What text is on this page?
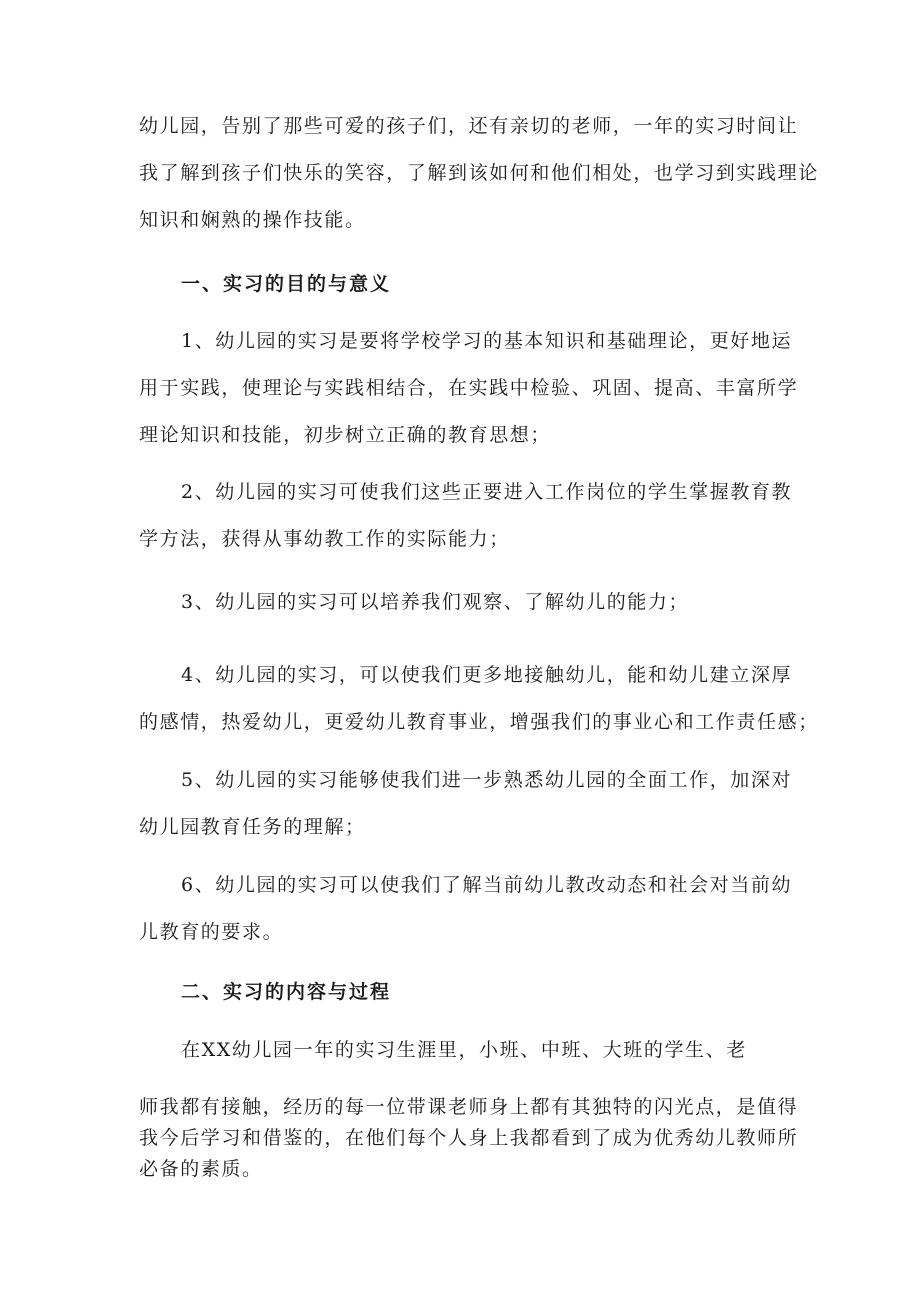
幼儿园，告别了那些可爱的孩子们，还有亲切的老师，一年的实习时间让
我了解到孩子们快乐的笑容，了解到该如何和他们相处，也学习到实践理论
知识和娴熟的操作技能。
一、实习的目的与意义
1、幼儿园的实习是要将学校学习的基本知识和基础理论，更好地运
用于实践，使理论与实践相结合，在实践中检验、巩固、提高、丰富所学
理论知识和技能，初步树立正确的教育思想；
2、幼儿园的实习可使我们这些正要进入工作岗位的学生掌握教育教
学方法，获得从事幼教工作的实际能力；
3、幼儿园的实习可以培养我们观察、了解幼儿的能力；
4、幼儿园的实习，可以使我们更多地接触幼儿，能和幼儿建立深厚
的感情，热爱幼儿，更爱幼儿教育事业，增强我们的事业心和工作责任感；
5、幼儿园的实习能够使我们进一步熟悉幼儿园的全面工作，加深对
幼儿园教育任务的理解；
6、幼儿园的实习可以使我们了解当前幼儿教改动态和社会对当前幼
儿教育的要求。
二、实习的内容与过程
在XX幼儿园一年的实习生涯里，小班、中班、大班的学生、老
师我都有接触，经历的每一位带课老师身上都有其独特的闪光点，是值得
我今后学习和借鉴的，在他们每个人身上我都看到了成为优秀幼儿教师所
必备的素质。
